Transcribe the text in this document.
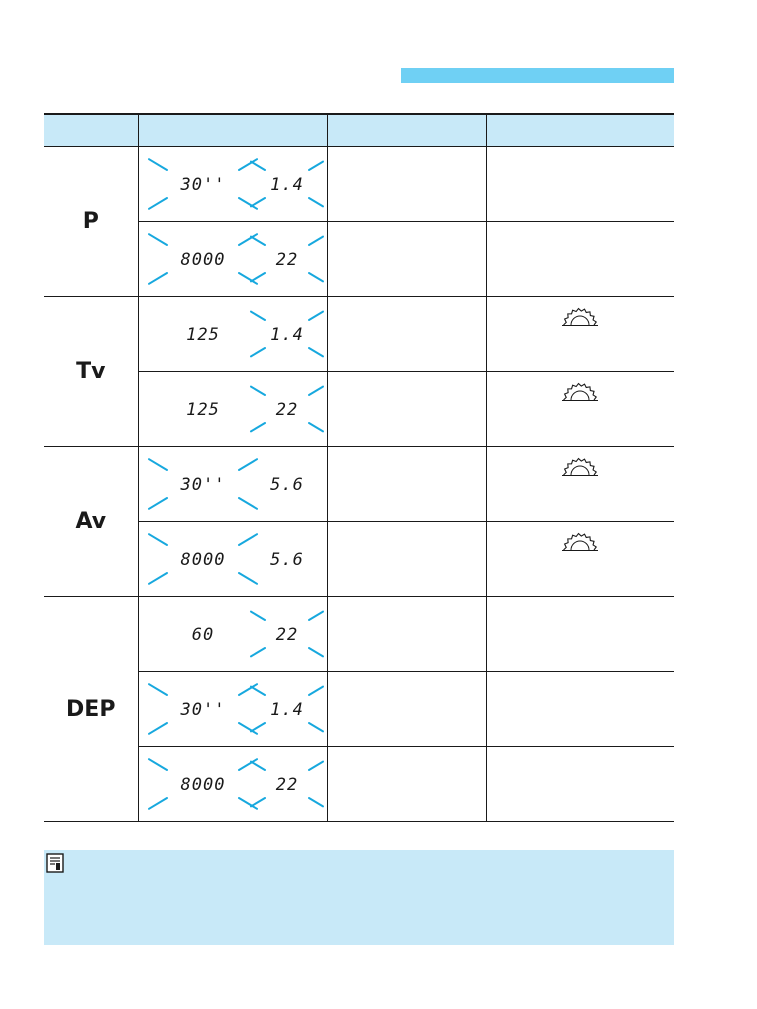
P	30'' 1.4		

8000 22		

Tv	125 1.4

125 22

Av	30'' 5.6

8000 5.6

DEP	60 22		

30'' 1.4		

8000 22		
